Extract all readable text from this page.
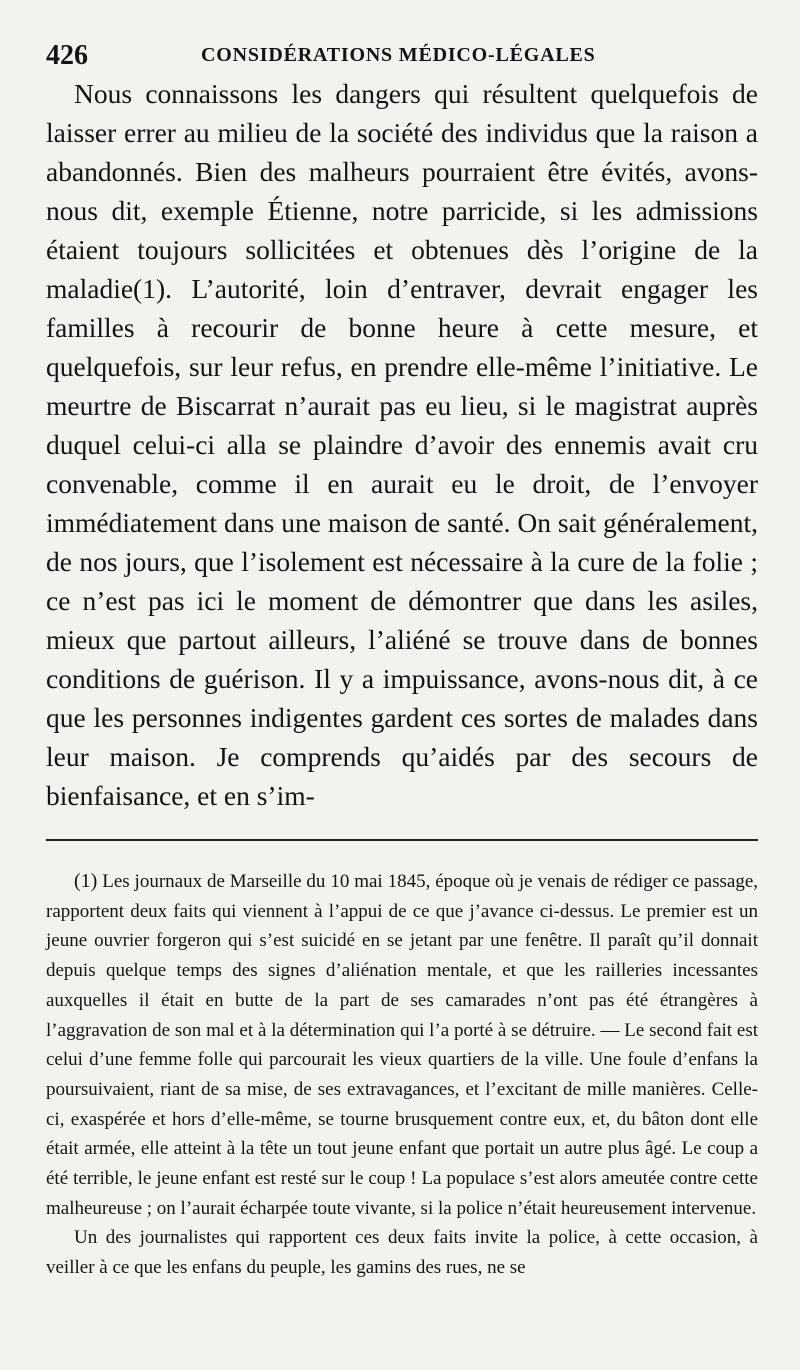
426	CONSIDÉRATIONS MÉDICO-LÉGALES

Nous connaissons les dangers qui résultent quelquefois de laisser errer au milieu de la société des individus que la raison a abandonnés. Bien des malheurs pourraient être évités, avons-nous dit, exemple Étienne, notre parricide, si les admissions étaient toujours sollicitées et obtenues dès l’origine de la maladie(1). L’autorité, loin d’entraver, devrait engager les familles à recourir de bonne heure à cette mesure, et quelquefois, sur leur refus, en prendre elle-même l’initiative. Le meurtre de Biscarrat n’aurait pas eu lieu, si le magistrat auprès duquel celui-ci alla se plaindre d’avoir des ennemis avait cru convenable, comme il en aurait eu le droit, de l’envoyer immédiatement dans une maison de santé. On sait généralement, de nos jours, que l’isolement est nécessaire à la cure de la folie ; ce n’est pas ici le moment de démontrer que dans les asiles, mieux que partout ailleurs, l’aliéné se trouve dans de bonnes conditions de guérison. Il y a impuissance, avons-nous dit, à ce que les personnes indigentes gardent ces sortes de malades dans leur maison. Je comprends qu’aidés par des secours de bienfaisance, et en s’im-

(1) Les journaux de Marseille du 10 mai 1845, époque où je venais de rédiger ce passage, rapportent deux faits qui viennent à l’appui de ce que j’avance ci-dessus. Le premier est un jeune ouvrier forgeron qui s’est suicidé en se jetant par une fenêtre. Il paraît qu’il donnait depuis quelque temps des signes d’aliénation mentale, et que les railleries incessantes auxquelles il était en butte de la part de ses camarades n’ont pas été étrangères à l’aggravation de son mal et à la détermination qui l’a porté à se détruire. — Le second fait est celui d’une femme folle qui parcourait les vieux quartiers de la ville. Une foule d’enfans la poursuivaient, riant de sa mise, de ses extravagances, et l’excitant de mille manières. Celle-ci, exaspérée et hors d’elle-même, se tourne brusquement contre eux, et, du bâton dont elle était armée, elle atteint à la tête un tout jeune enfant que portait un autre plus âgé. Le coup a été terrible, le jeune enfant est resté sur le coup ! La populace s’est alors ameutée contre cette malheureuse ; on l’aurait écharpée toute vivante, si la police n’était heureusement intervenue.

Un des journalistes qui rapportent ces deux faits invite la police, à cette occasion, à veiller à ce que les enfans du peuple, les gamins des rues, ne se
